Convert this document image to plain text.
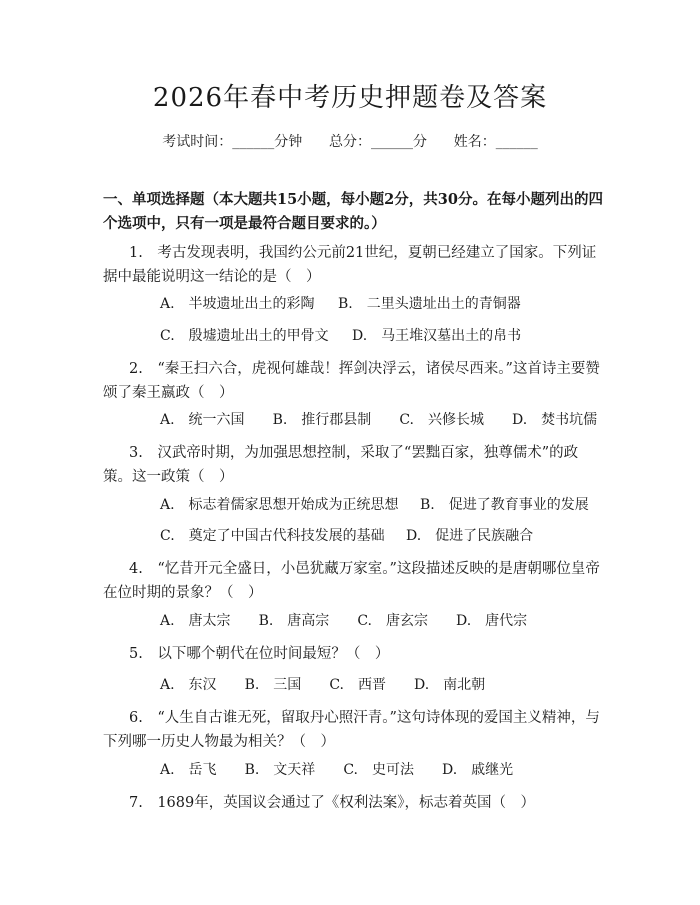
2026年春中考历史押题卷及答案
考试时间：______分钟      总分：______分      姓名：______
一、单项选择题（本大题共15小题，每小题2分，共30分。在每小题列出的四个选项中，只有一项是最符合题目要求的。）
1.　考古发现表明，我国约公元前21世纪，夏朝已经建立了国家。下列证据中最能说明这一结论的是（　）
A.　半坡遗址出土的彩陶 B.　二里头遗址出土的青铜器
C.　殷墟遗址出土的甲骨文 D.　马王堆汉墓出土的帛书
2.　“秦王扫六合，虎视何雄哉！挥剑决浮云，诸侯尽西来。”这首诗主要赞颂了秦王嬴政（　）
A.　统一六国 B.　推行郡县制 C.　兴修长城 D.　焚书坑儒
3.　汉武帝时期，为加强思想控制，采取了“罢黜百家，独尊儒术”的政策。这一政策（　）
A.　标志着儒家思想开始成为正统思想 B.　促进了教育事业的发展
C.　奠定了中国古代科技发展的基础 D.　促进了民族融合
4.　“忆昔开元全盛日，小邑犹藏万家室。”这段描述反映的是唐朝哪位皇帝在位时期的景象？（　）
A.　唐太宗 B.　唐高宗 C.　唐玄宗 D.　唐代宗
5.　以下哪个朝代在位时间最短？（　）
A.　东汉 B.　三国 C.　西晋 D.　南北朝
6.　“人生自古谁无死，留取丹心照汗青。”这句诗体现的爱国主义精神，与下列哪一历史人物最为相关？（　）
A.　岳飞 B.　文天祥 C.　史可法 D.　戚继光
7.　1689年，英国议会通过了《权利法案》，标志着英国（　）
